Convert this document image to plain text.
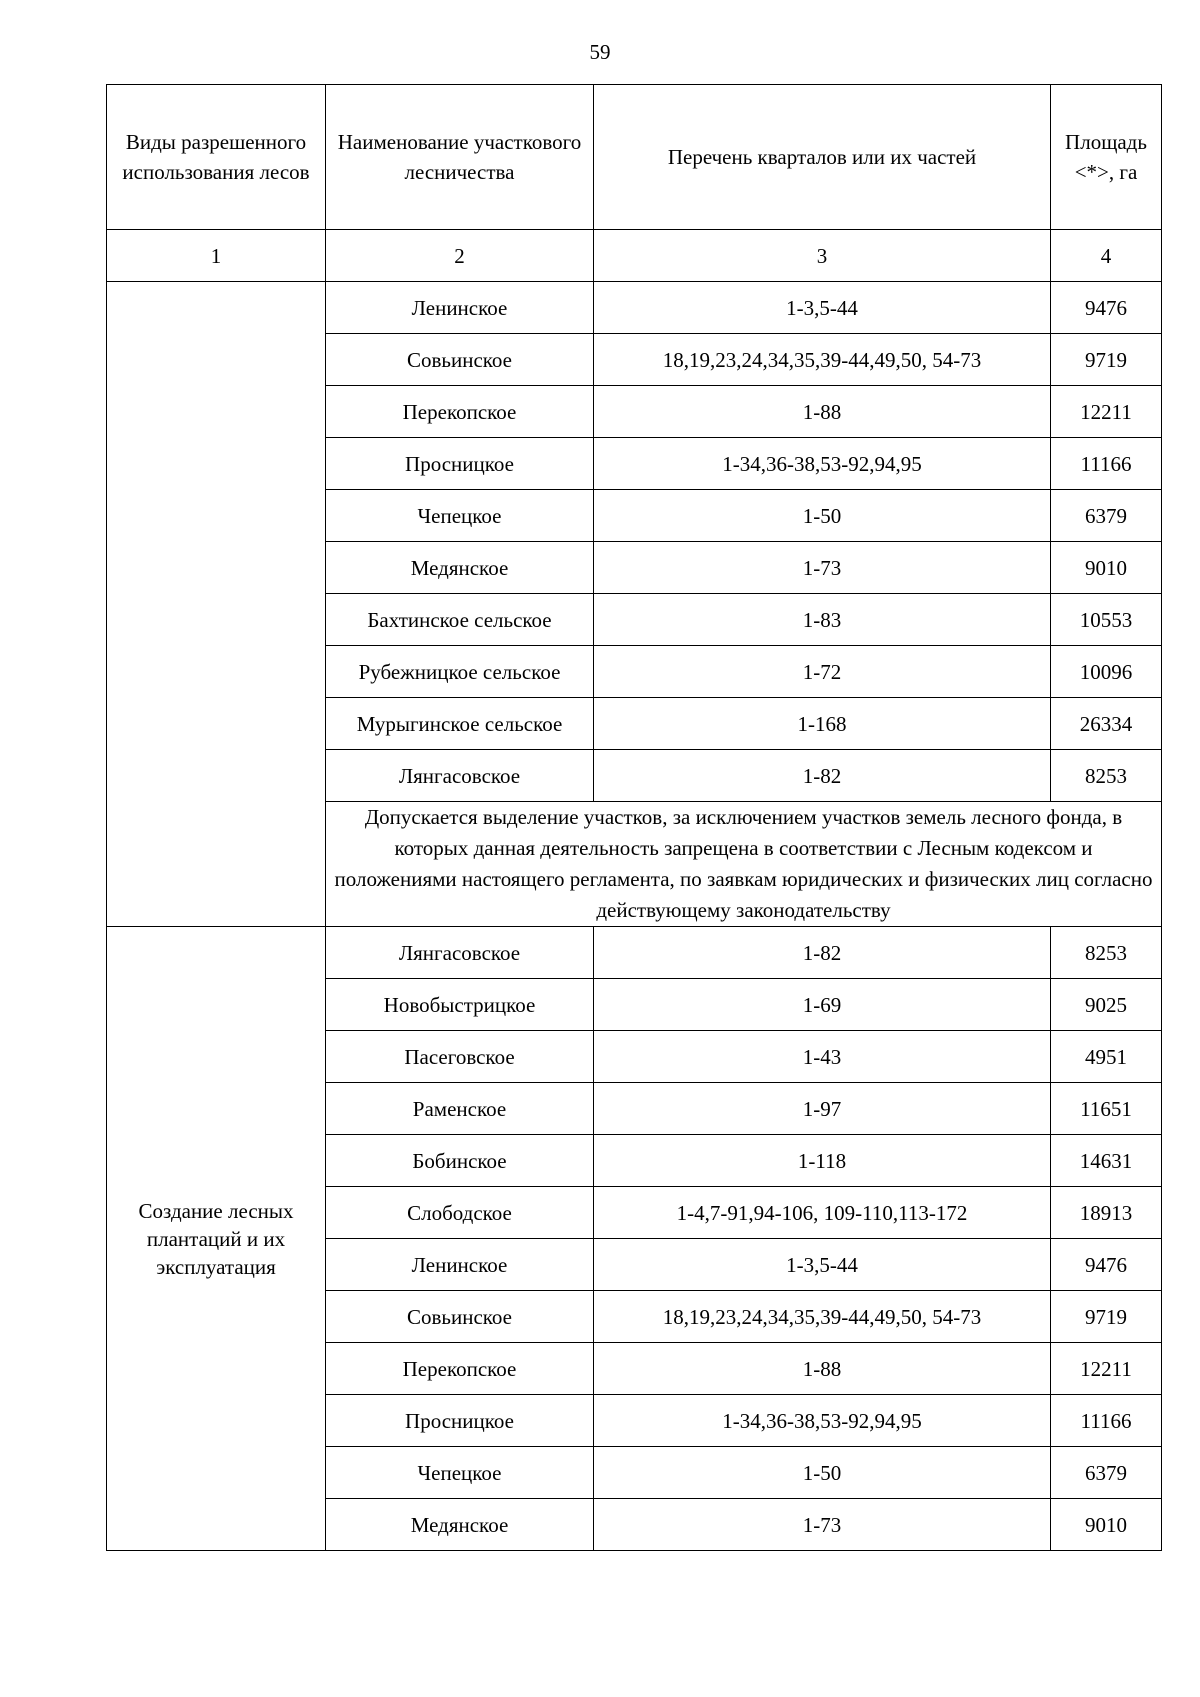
59
Виды разрешенного использования лесов	Наименование участкового лесничества	Перечень кварталов или их частей	Площадь <*>, га
1	2	3	4
	Ленинское	1-3,5-44	9476
	Совьинское	18,19,23,24,34,35,39-44,49,50, 54-73	9719
	Перекопское	1-88	12211
	Просницкое	1-34,36-38,53-92,94,95	11166
	Чепецкое	1-50	6379
	Медянское	1-73	9010
	Бахтинское сельское	1-83	10553
	Рубежницкое сельское	1-72	10096
	Мурыгинское сельское	1-168	26334
	Лянгасовское	1-82	8253
	Допускается выделение участков, за исключением участков земель лесного фонда, в которых данная деятельность запрещена в соответствии с Лесным кодексом и положениями настоящего регламента, по заявкам юридических и физических лиц согласно действующему законодательству		
Создание лесных плантаций и их эксплуатация	Лянгасовское	1-82	8253
	Новобыстрицкое	1-69	9025
	Пасеговское	1-43	4951
	Раменское	1-97	11651
	Бобинское	1-118	14631
	Слободское	1-4,7-91,94-106, 109-110,113-172	18913
	Ленинское	1-3,5-44	9476
	Совьинское	18,19,23,24,34,35,39-44,49,50, 54-73	9719
	Перекопское	1-88	12211
	Просницкое	1-34,36-38,53-92,94,95	11166
	Чепецкое	1-50	6379
	Медянское	1-73	9010
